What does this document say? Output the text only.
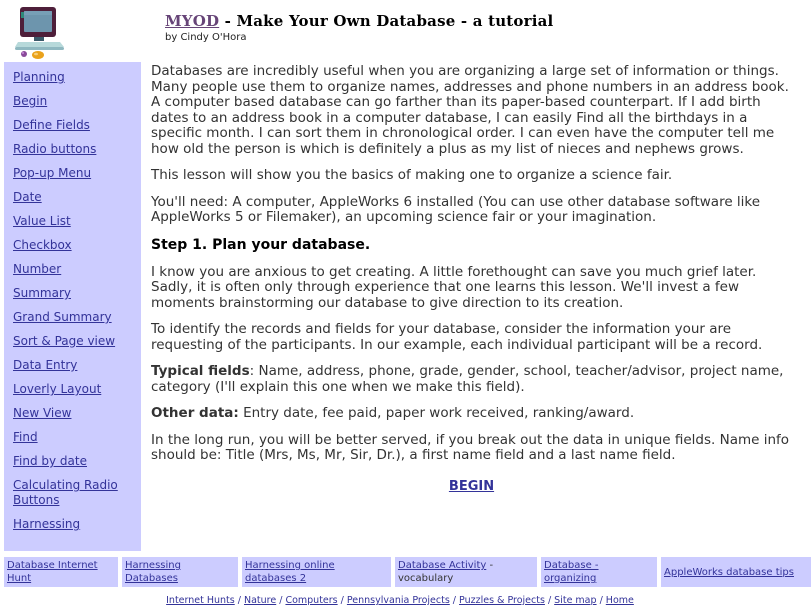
MYOD - Make Your Own Database - a tutorial
by Cindy O'Hora
Planning
Begin
Define Fields
Radio buttons
Pop-up Menu
Date
Value List
Checkbox
Number
Summary
Grand Summary
Sort & Page view
Data Entry
Loverly Layout
New View
Find
Find by date
Calculating Radio Buttons
Harnessing

Databases are incredibly useful when you are organizing a large set of information or things. Many people use them to organize names, addresses and phone numbers in an address book. A computer based database can go farther than its paper-based counterpart. If I add birth dates to an address book in a computer database, I can easily Find all the birthdays in a specific month. I can sort them in chronological order. I can even have the computer tell me how old the person is which is definitely a plus as my list of nieces and nephews grows.

This lesson will show you the basics of making one to organize a science fair.

You'll need: A computer, AppleWorks 6 installed (You can use other database software like AppleWorks 5 or Filemaker), an upcoming science fair or your imagination.

Step 1. Plan your database.

I know you are anxious to get creating. A little forethought can save you much grief later. Sadly, it is often only through experience that one learns this lesson. We'll invest a few moments brainstorming our database to give direction to its creation.

To identify the records and fields for your database, consider the information your are requesting of the participants. In our example, each individual participant will be a record.

Typical fields: Name, address, phone, grade, gender, school, teacher/advisor, project name, category (I'll explain this one when we make this field).

Other data: Entry date, fee paid, paper work received, ranking/award.

In the long run, you will be better served, if you break out the data in unique fields. Name info should be: Title (Mrs, Ms, Mr, Sir, Dr.), a first name field and a last name field.

BEGIN
Database Internet Hunt
Harnessing Databases
Harnessing online databases 2
Database Activity - vocabulary
Database - organizing
AppleWorks database tips
Internet Hunts / Nature / Computers / Pennsylvania Projects / Puzzles & Projects / Site map / Home
